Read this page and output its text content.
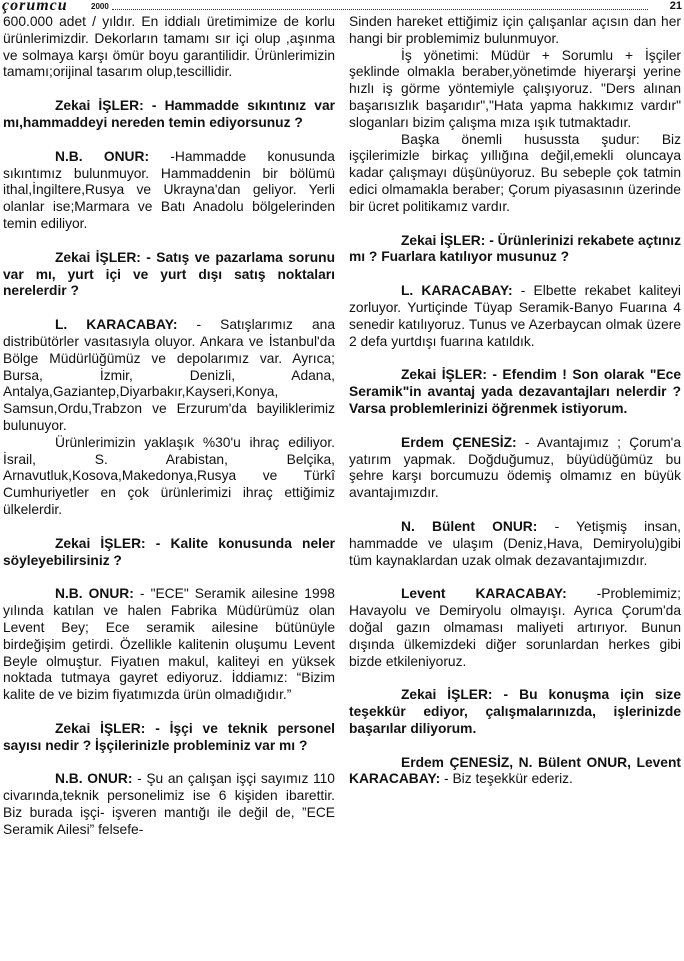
çorumcu	2000	21

600.000 adet / yıldır. En iddialı üretimimize de korlu ürünlerimizdir. Dekorların tamamı sır içi olup ,aşınma ve solmaya karşı ömür boyu garantilidir. Ürünlerimizin tamamı;orijinal tasarım olup,tescillidir.

Zekai İŞLER: - Hammadde sıkıntınız var mı,hammaddeyi nereden temin ediyorsunuz ?

N.B. ONUR: -Hammadde konusunda sıkıntımız bulunmuyor. Hammaddenin bir bölümü ithal,İngiltere,Rusya ve Ukrayna'dan geliyor. Yerli olanlar ise;Marmara ve Batı Anadolu bölgelerinden temin ediliyor.

Zekai İŞLER: - Satış ve pazarlama sorunu var mı, yurt içi ve yurt dışı satış noktaları nerelerdir ?

L. KARACABAY: - Satışlarımız ana distribütörler vasıtasıyla oluyor. Ankara ve İstanbul'da Bölge Müdürlüğümüz ve depolarımız var. Ayrıca; Bursa, İzmir, Denizli, Adana, Antalya,Gaziantep,Diyarbakır,Kayseri,Konya, Samsun,Ordu,Trabzon ve Erzurum'da bayiliklerimiz bulunuyor.

Ürünlerimizin yaklaşık %30'u ihraç ediliyor. İsrail, S. Arabistan, Belçika, Arnavutluk,Kosova,Makedonya,Rusya ve Türkî Cumhuriyetler en çok ürünlerimizi ihraç ettiğimiz ülkelerdir.

Zekai İŞLER: - Kalite konusunda neler söyleyebilirsiniz ?

N.B. ONUR: - "ECE" Seramik ailesine 1998 yılında katılan ve halen Fabrika Müdürümüz olan Levent Bey; Ece seramik ailesine bütünüyle birdeğişim getirdi. Özellikle kalitenin oluşumu Levent Beyle olmuştur. Fiyatıen makul, kaliteyi en yüksek noktada tutmaya gayret ediyoruz. İddiamız: “Bizim kalite de ve bizim fiyatımızda ürün olmadığıdır.”

Zekai İŞLER: - İşçi ve teknik personel sayısı nedir ? İşçilerinizle probleminiz var mı ?

N.B. ONUR: - Şu an çalışan işçi sayımız 110 civarında,teknik personelimiz ise 6 kişiden ibarettir. Biz burada işçi- işveren mantığı ile değil de, ”ECE Seramik Ailesi” felsefe-

Sinden hareket ettiğimiz için çalışanlar açısın dan her hangi bir problemimiz bulunmuyor.

İş yönetimi: Müdür + Sorumlu + İşçiler şeklinde olmakla beraber,yönetimde hiyerarşi yerine hızlı iş görme yöntemiyle çalışıyoruz. "Ders alınan başarısızlık başarıdır","Hata yapma hakkımız vardır" sloganları bizim çalışma mıza ışık tutmaktadır.

Başka önemli husussta şudur: Biz işçilerimizle birkaç yıllığına değil,emekli oluncaya kadar çalışmayı düşünüyoruz. Bu sebeple çok tatmin edici olmamakla beraber; Çorum piyasasının üzerinde bir ücret politikamız vardır.

Zekai İŞLER: - Ürünlerinizi rekabete açtınız mı ? Fuarlara katılıyor musunuz ?

L. KARACABAY: - Elbette rekabet kaliteyi zorluyor. Yurtiçinde Tüyap Seramik-Banyo Fuarına 4 senedir katılıyoruz. Tunus ve Azerbaycan olmak üzere 2 defa yurtdışı fuarına katıldık.

Zekai İŞLER: - Efendim ! Son olarak "Ece Seramik"in avantaj yada dezavantajları nelerdir ? Varsa problemlerinizi öğrenmek istiyorum.

Erdem ÇENESİZ: - Avantajımız ; Çorum'a yatırım yapmak. Doğduğumuz, büyüdüğümüz bu şehre karşı borcumuzu ödemiş olmamız en büyük avantajımızdır.

N. Bülent ONUR: - Yetişmiş insan, hammadde ve ulaşım (Deniz,Hava, Demiryolu)gibi tüm kaynaklardan uzak olmak dezavantajımızdır.

Levent KARACABAY: -Problemimiz; Havayolu ve Demiryolu olmayışı. Ayrıca Çorum'da doğal gazın olmaması maliyeti artırıyor. Bunun dışında ülkemizdeki diğer sorunlardan herkes gibi bizde etkileniyoruz.

Zekai İŞLER: - Bu konuşma için size teşekkür ediyor, çalışmalarınızda, işlerinizde başarılar diliyorum.

Erdem ÇENESİZ, N. Bülent ONUR, Levent KARACABAY: - Biz teşekkür ederiz.
